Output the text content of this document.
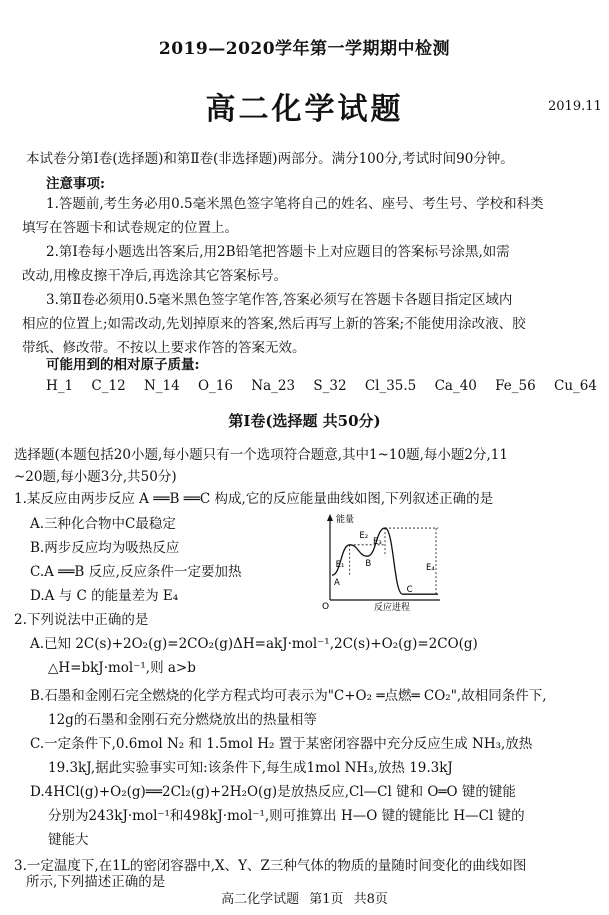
2019—2020学年第一学期期中检测
高二化学试题	2019.11
本试卷分第Ⅰ卷(选择题)和第Ⅱ卷(非选择题)两部分。满分100分,考试时间90分钟。
注意事项:
1.答题前,考生务必用0.5毫米黑色签字笔将自己的姓名、座号、考生号、学校和科类
填写在答题卡和试卷规定的位置上。
2.第Ⅰ卷每小题选出答案后,用2B铅笔把答题卡上对应题目的答案标号涂黑,如需
改动,用橡皮擦干净后,再选涂其它答案标号。
3.第Ⅱ卷必须用0.5毫米黑色签字笔作答,答案必须写在答题卡各题目指定区域内
相应的位置上;如需改动,先划掉原来的答案,然后再写上新的答案;不能使用涂改液、胶
带纸、修改带。不按以上要求作答的答案无效。
可能用到的相对原子质量:
H_1 C_12 N_14 O_16 Na_23 S_32 Cl_35.5 Ca_40 Fe_56 Cu_64
第Ⅰ卷(选择题 共50分)
选择题(本题包括20小题,每小题只有一个选项符合题意,其中1~10题,每小题2分,11
~20题,每小题3分,共50分)
1.某反应由两步反应 A ══B ══C 构成,它的反应能量曲线如图,下列叙述正确的是
A.三种化合物中C最稳定
B.两步反应均为吸热反应
C.A ══B 反应,反应条件一定要加热
D.A 与 C 的能量差为 E₄
能量
反应进程
O
A
B
C
E₁
E₂
E₃
E₄
2.下列说法中正确的是
A.已知 2C(s)+2O₂(g)=2CO₂(g)ΔH=akJ·mol⁻¹,2C(s)+O₂(g)=2CO(g)
△H=bkJ·mol⁻¹,则 a>b
B.石墨和金刚石完全燃烧的化学方程式均可表示为"C+O₂ ═点燃═ CO₂",故相同条件下,
12g的石墨和金刚石充分燃烧放出的热量相等
C.一定条件下,0.6mol N₂ 和 1.5mol H₂ 置于某密闭容器中充分反应生成 NH₃,放热
19.3kJ,据此实验事实可知:该条件下,每生成1mol NH₃,放热 19.3kJ
D.4HCl(g)+O₂(g)══2Cl₂(g)+2H₂O(g)是放热反应,Cl—Cl 键和 O═O 键的键能
分别为243kJ·mol⁻¹和498kJ·mol⁻¹,则可推算出 H—O 键的键能比 H—Cl 键的
键能大
3.一定温度下,在1L的密闭容器中,X、Y、Z三种气体的物质的量随时间变化的曲线如图
所示,下列描述正确的是
高二化学试题 第1页 共8页
